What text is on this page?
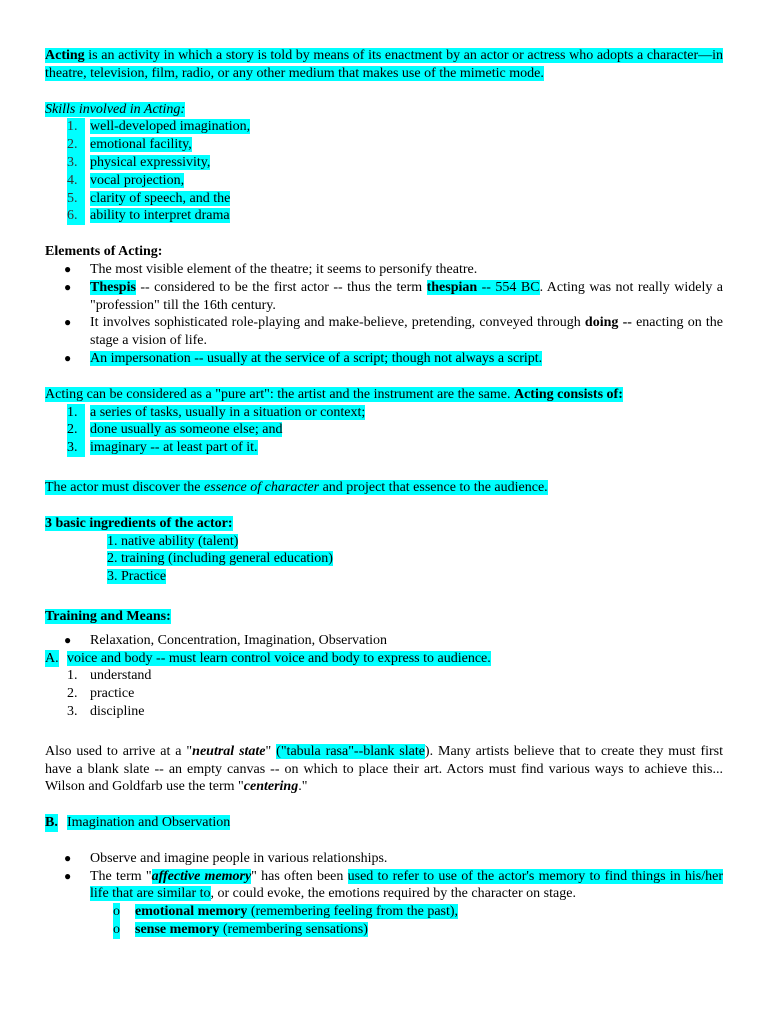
Acting is an activity in which a story is told by means of its enactment by an actor or actress who adopts a character—in theatre, television, film, radio, or any other medium that makes use of the mimetic mode.

Skills involved in Acting:

1. well-developed imagination,
2. emotional facility,
3. physical expressivity,
4. vocal projection,
5. clarity of speech, and the
6. ability to interpret drama

Elements of Acting:

● The most visible element of the theatre; it seems to personify theatre.
● Thespis -- considered to be the first actor -- thus the term thespian -- 554 BC. Acting was not really widely a "profession" till the 16th century.
● It involves sophisticated role-playing and make-believe, pretending, conveyed through doing -- enacting on the stage a vision of life.
● An impersonation -- usually at the service of a script; though not always a script.

Acting can be considered as a "pure art": the artist and the instrument are the same. Acting consists of:

1. a series of tasks, usually in a situation or context;
2. done usually as someone else; and
3. imaginary -- at least part of it.

The actor must discover the essence of character and project that essence to the audience.

3 basic ingredients of the actor:

1. native ability (talent)
2. training (including general education)
3. Practice

Training and Means:

● Relaxation, Concentration, Imagination, Observation

A. voice and body -- must learn control voice and body to express to audience.

1. understand
2. practice
3. discipline

Also used to arrive at a "neutral state" ("tabula rasa"--blank slate). Many artists believe that to create they must first have a blank slate -- an empty canvas -- on which to place their art. Actors must find various ways to achieve this... Wilson and Goldfarb use the term "centering."

B. Imagination and Observation

● Observe and imagine people in various relationships.
● The term "affective memory" has often been used to refer to use of the actor's memory to find things in his/her life that are similar to, or could evoke, the emotions required by the character on stage.
o emotional memory (remembering feeling from the past),
o sense memory (remembering sensations)
